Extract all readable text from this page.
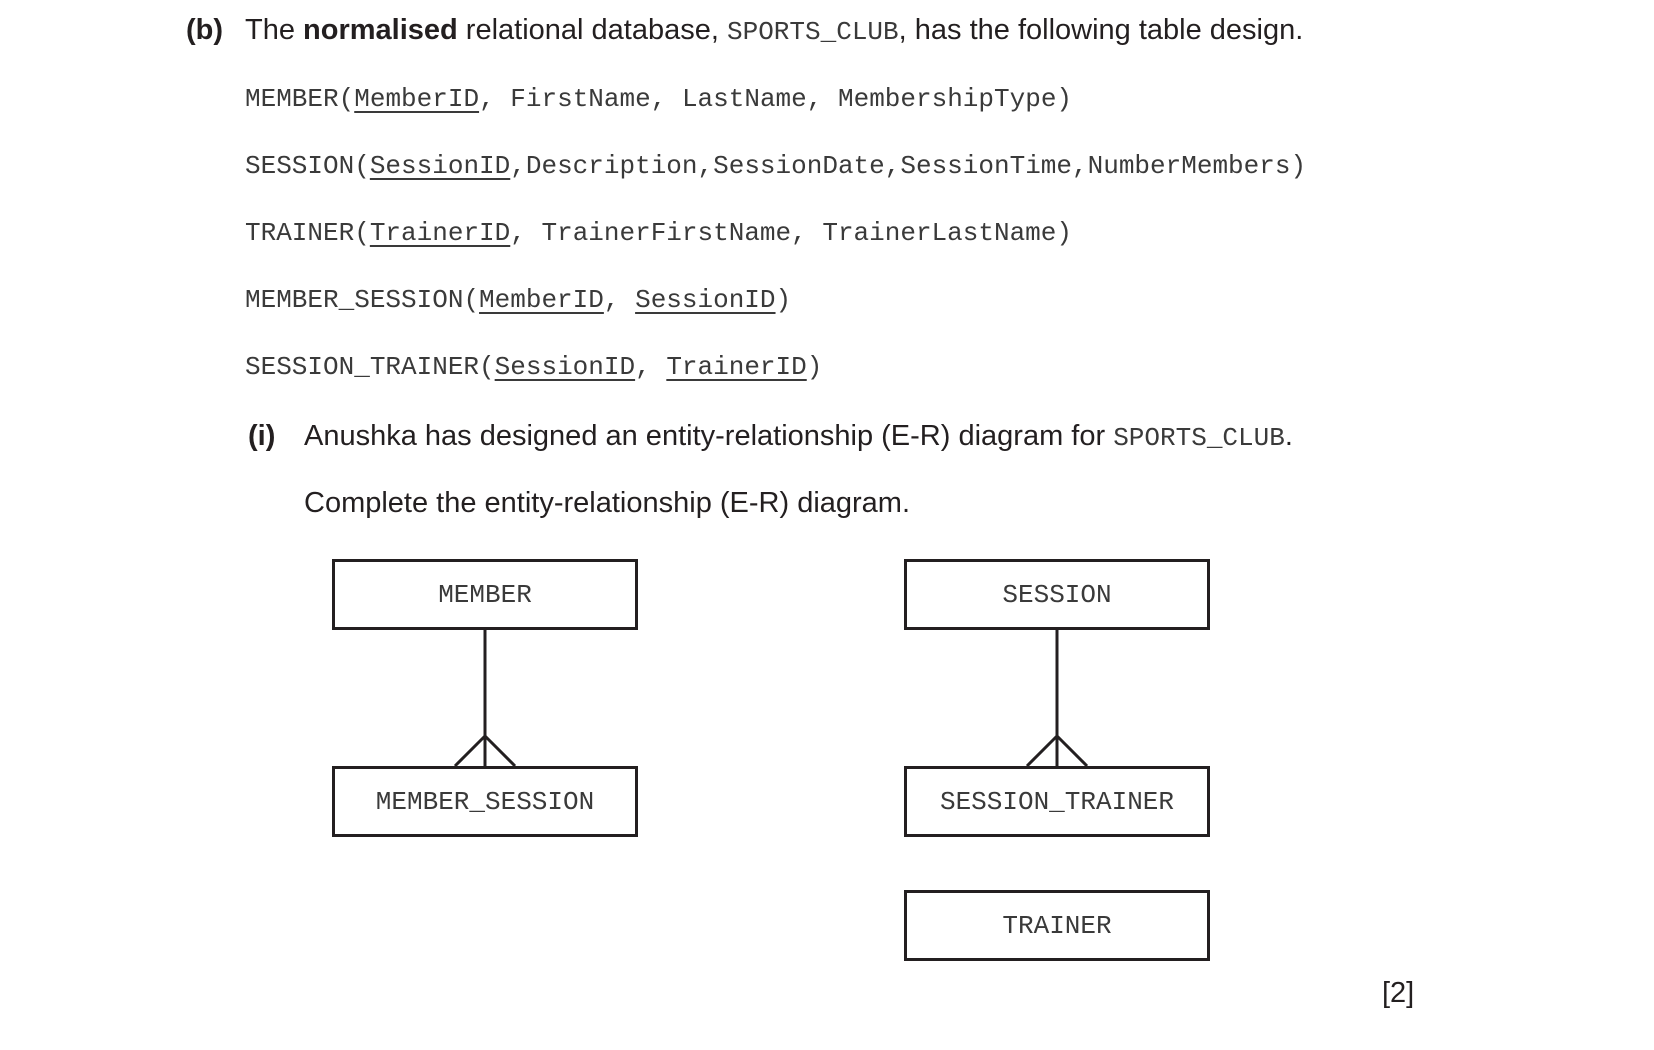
(b) The normalised relational database, SPORTS_CLUB, has the following table design.
MEMBER(MemberID, FirstName, LastName, MembershipType)
SESSION(SessionID,Description,SessionDate,SessionTime,NumberMembers)
TRAINER(TrainerID, TrainerFirstName, TrainerLastName)
MEMBER_SESSION(MemberID, SessionID)
SESSION_TRAINER(SessionID, TrainerID)
(i) Anushka has designed an entity-relationship (E-R) diagram for SPORTS_CLUB.
Complete the entity-relationship (E-R) diagram.
MEMBER	SESSION
MEMBER_SESSION	SESSION_TRAINER
TRAINER
[2]
